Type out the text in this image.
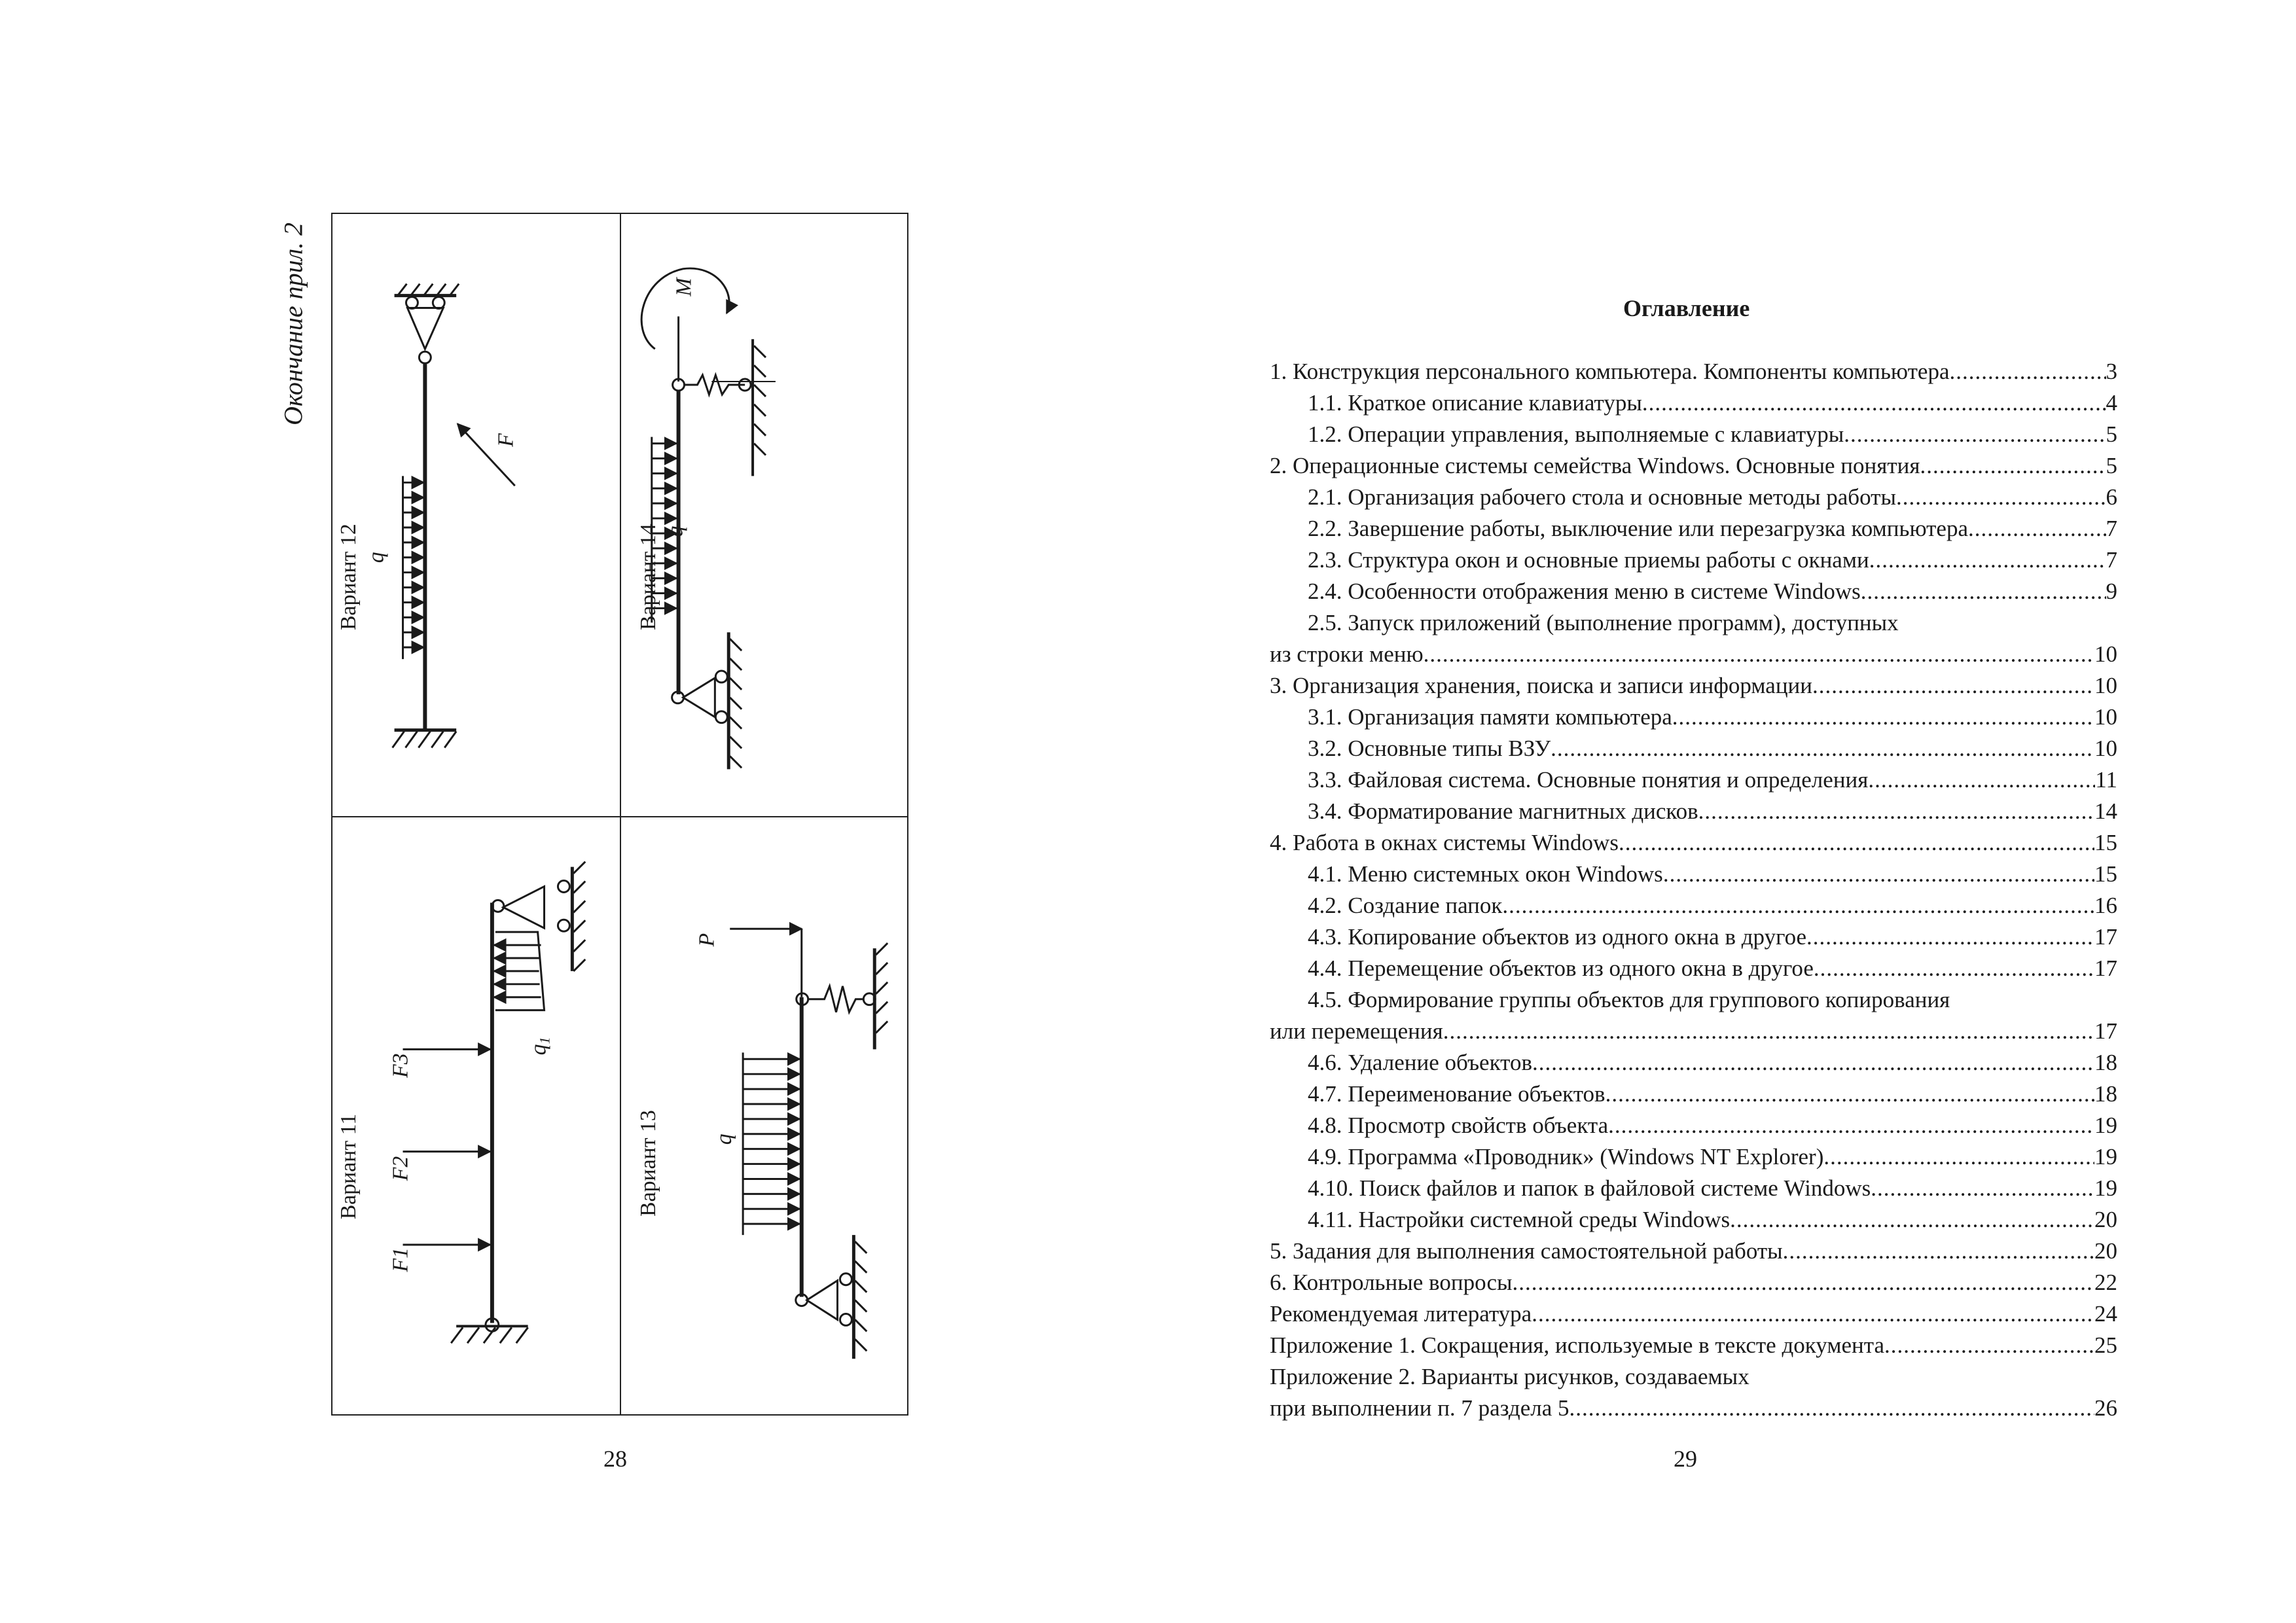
Окончание прил. 2
Вариант 12 q
F
Вариант 14 q
M
Вариант 11
F1
F2
F3
q1
Вариант 13 q
P
28
Оглавление
1. Конструкция персонального компьютера. Компоненты компьютера .....	3
1.1. Краткое описание клавиатуры .....	4
1.2. Операции управления, выполняемые с клавиатуры .....	5
2. Операционные системы семейства Windows. Основные понятия .....	5
2.1. Организация рабочего стола и основные методы работы .....	6
2.2. Завершение работы, выключение или перезагрузка компьютера .....	7
2.3. Структура окон и основные приемы работы с окнами .....	7
2.4. Особенности отображения меню в системе Windows .....	9
2.5. Запуск приложений (выполнение программ), доступных
из строки меню .....	10
3. Организация хранения, поиска и записи информации .....	10
3.1. Организация памяти компьютера .....	10
3.2. Основные типы ВЗУ .....	10
3.3. Файловая система. Основные понятия и определения .....	11
3.4. Форматирование магнитных дисков .....	14
4. Работа в окнах системы Windows .....	15
4.1. Меню системных окон Windows .....	15
4.2. Создание папок .....	16
4.3. Копирование объектов из одного окна в другое .....	17
4.4. Перемещение объектов из одного окна в другое .....	17
4.5. Формирование группы объектов для группового копирования
или перемещения .....	17
4.6. Удаление объектов .....	18
4.7. Переименование объектов .....	18
4.8. Просмотр свойств объекта .....	19
4.9. Программа «Проводник» (Windows NT Explorer) .....	19
4.10. Поиск файлов и папок в файловой системе Windows .....	19
4.11. Настройки системной среды Windows .....	20
5. Задания для выполнения самостоятельной работы .....	20
6. Контрольные вопросы .....	22
Рекомендуемая литература .....	24
Приложение 1. Сокращения, используемые в тексте документа .....	25
Приложение 2. Варианты рисунков, создаваемых
при выполнении п. 7 раздела 5 .....	26
29
